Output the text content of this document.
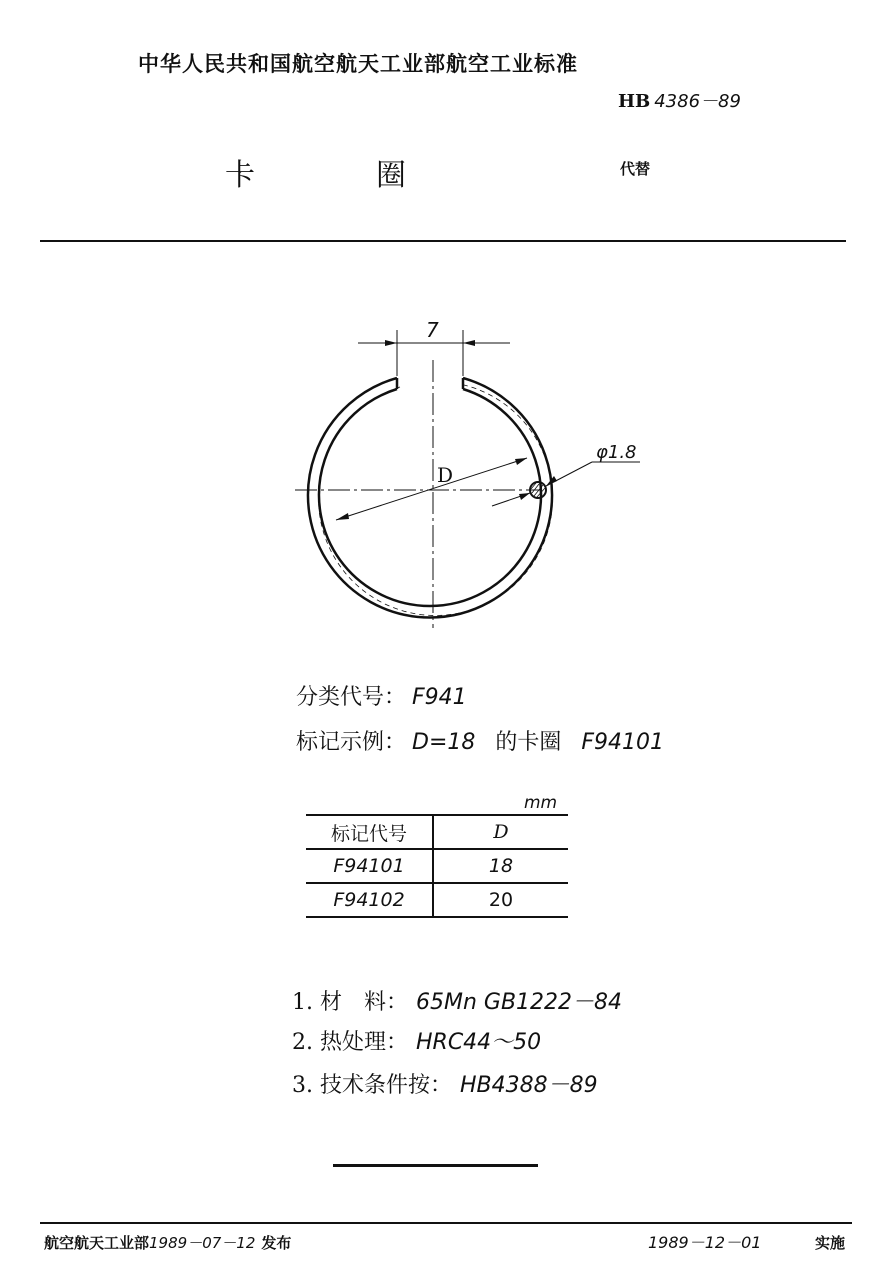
中华人民共和国航空航天工业部航空工业标准
HB 4386－89
卡	圈	代替
7
D
φ1.8
分类代号： F941
标记示例： D=18 的卡圈 F94101
mm
标记代号	D
F94101	18
F94102	20
1. 材　料： 65Mn GB1222－84
2. 热处理： HRC44～50
3. 技术条件按： HB4388－89
航空航天工业部1989－07－12 发布	1989－12－01	实施
